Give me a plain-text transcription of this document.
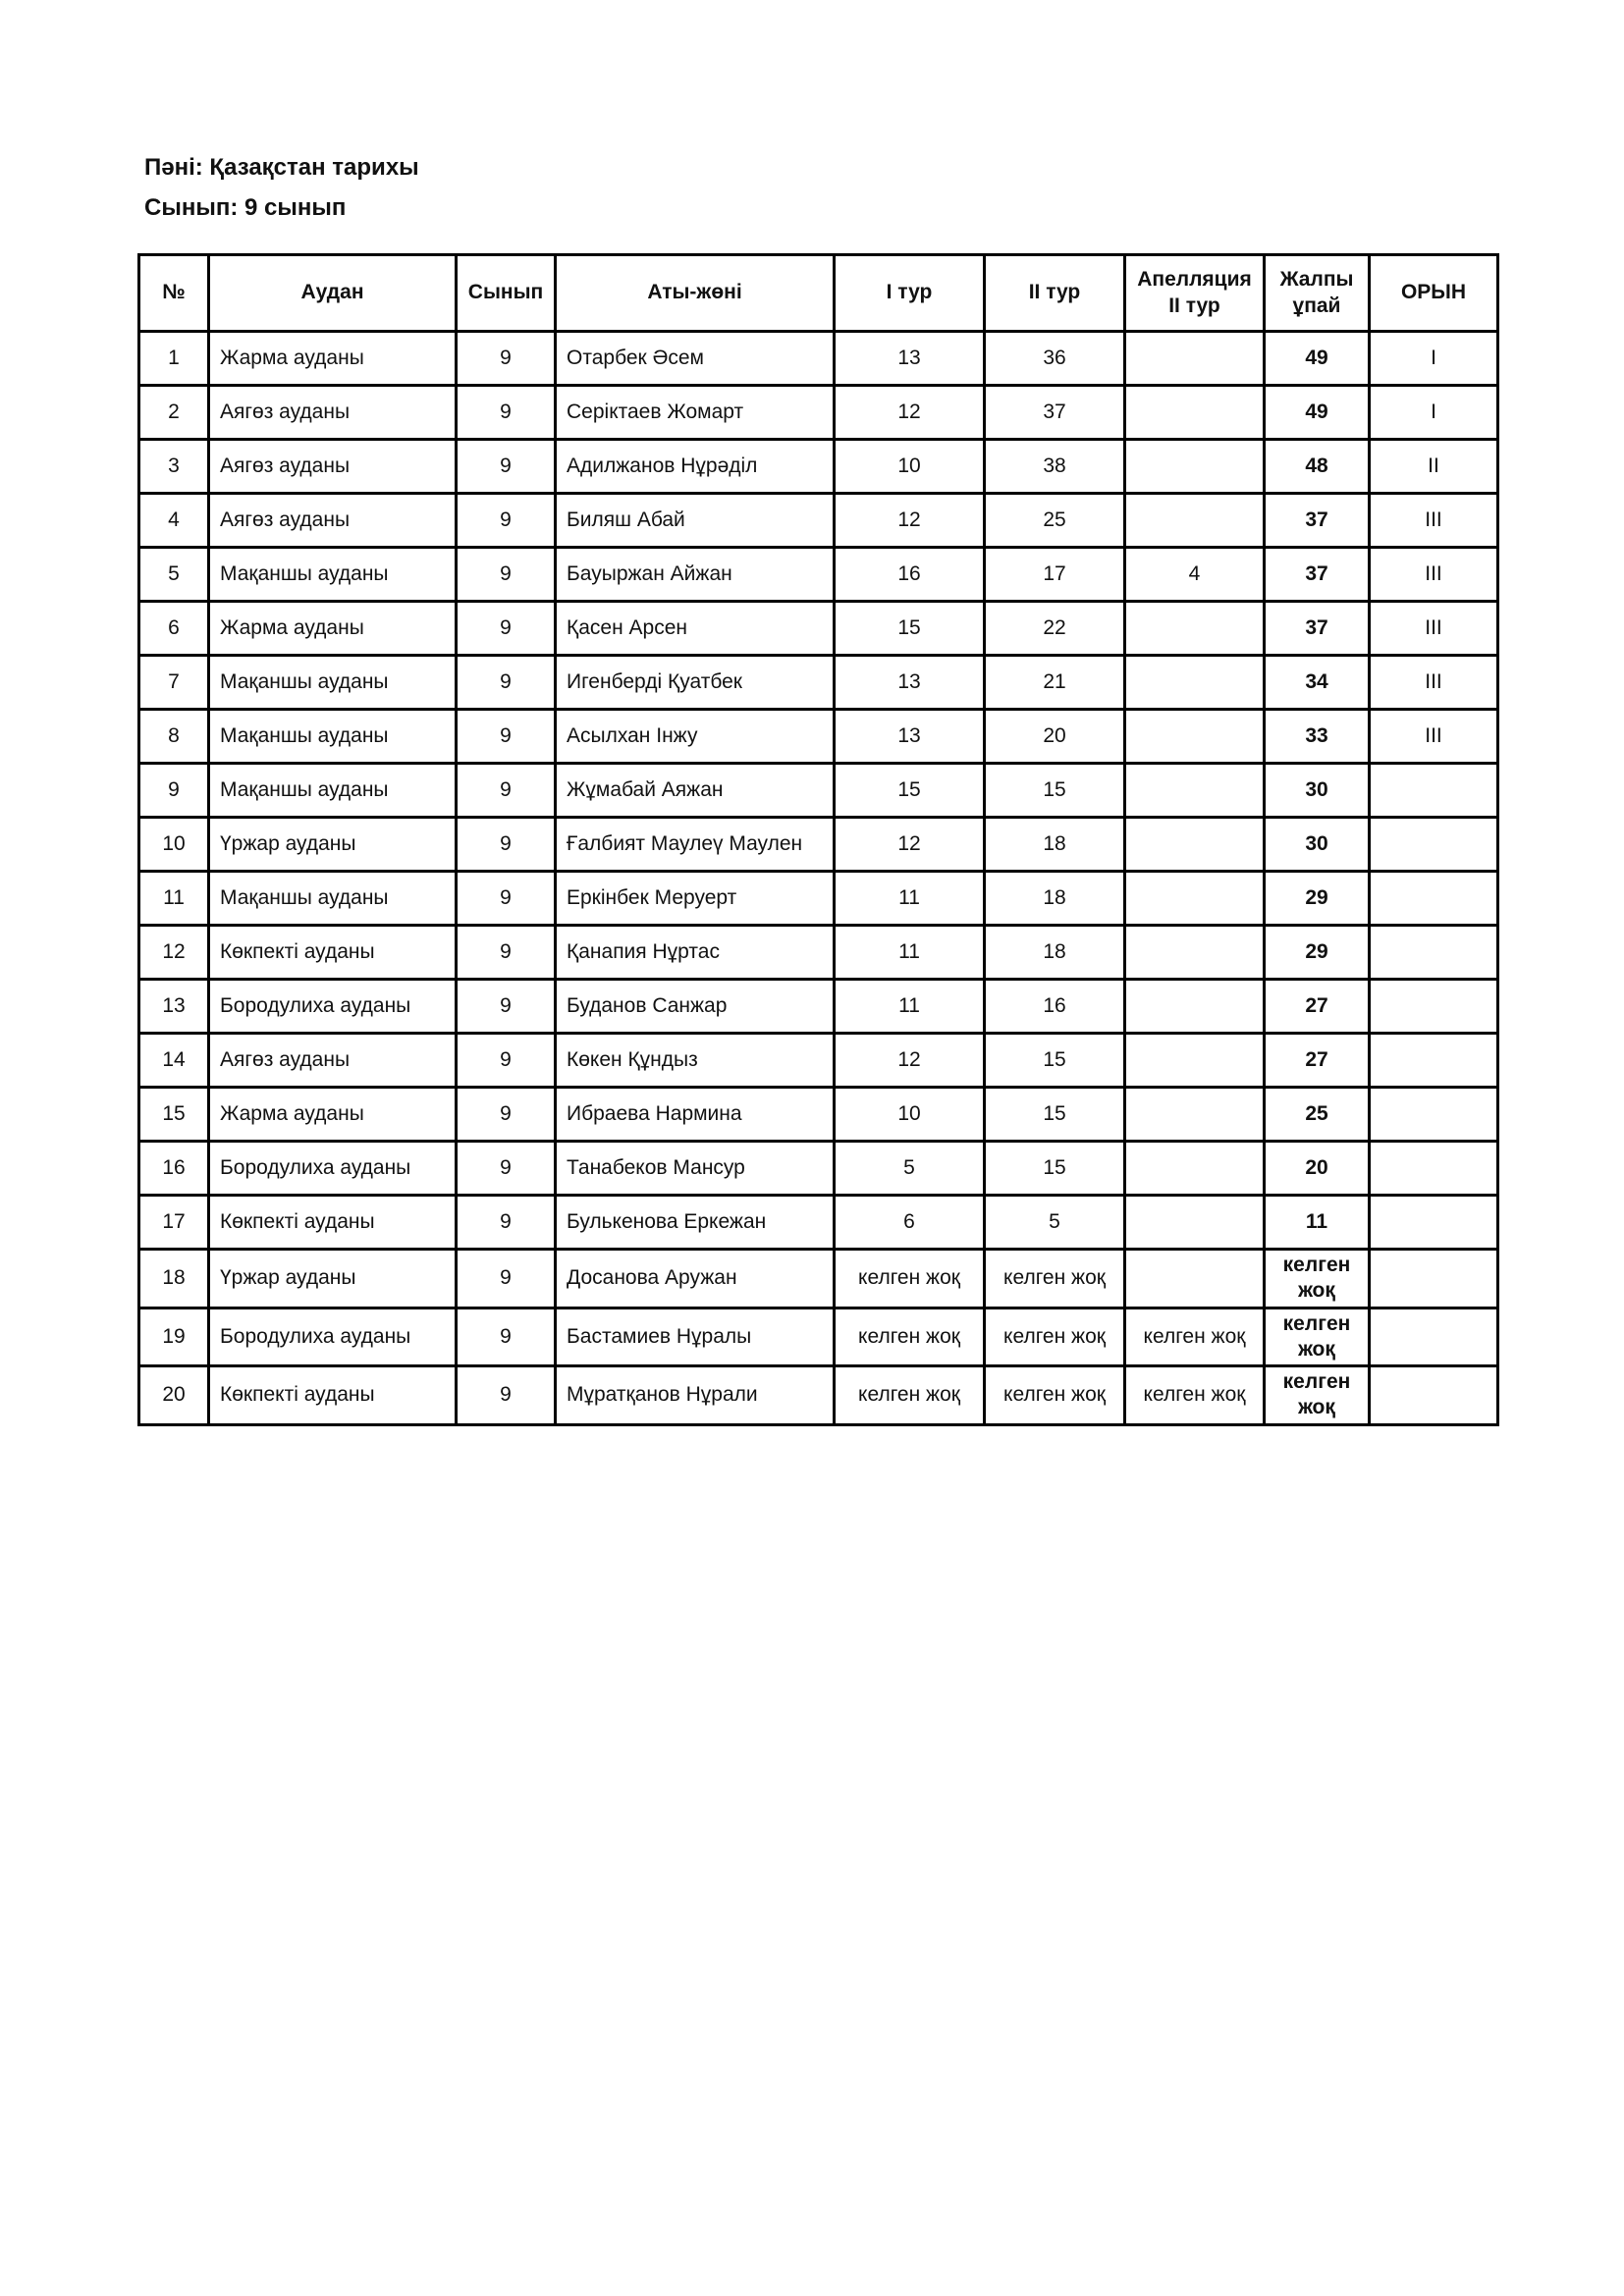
Пәні: Қазақстан тарихы
Сынып: 9 сынып
№	Аудан	Сынып	Аты-жөні	I тур	II тур	Апелляция II тур	Жалпы ұпай	ОРЫН
1	Жарма ауданы	9	Отарбек Әсем	13	36		49	I
2	Аягөз ауданы	9	Серіктаев Жомарт	12	37		49	I
3	Аягөз ауданы	9	Адилжанов Нұрәділ	10	38		48	II
4	Аягөз ауданы	9	Биляш Абай	12	25		37	III
5	Мақаншы ауданы	9	Бауыржан Айжан	16	17	4	37	III
6	Жарма ауданы	9	Қасен Арсен	15	22		37	III
7	Мақаншы ауданы	9	Игенберді Қуатбек	13	21		34	III
8	Мақаншы ауданы	9	Асылхан Інжу	13	20		33	III
9	Мақаншы ауданы	9	Жұмабай Аяжан	15	15		30	
10	Үржар ауданы	9	Ғалбият Маулеү Маулен	12	18		30	
11	Мақаншы ауданы	9	Еркінбек Меруерт	11	18		29	
12	Көкпекті ауданы	9	Қанапия Нұртас	11	18		29	
13	Бородулиха ауданы	9	Буданов Санжар	11	16		27	
14	Аягөз ауданы	9	Көкен Құндыз	12	15		27	
15	Жарма ауданы	9	Ибраева Нармина	10	15		25	
16	Бородулиха ауданы	9	Танабеков Мансур	5	15		20	
17	Көкпекті ауданы	9	Булькенова Еркежан	6	5		11	
18	Үржар ауданы	9	Досанова Аружан	келген жоқ	келген жоқ		келген жоқ	
19	Бородулиха ауданы	9	Бастамиев Нұралы	келген жоқ	келген жоқ	келген жоқ	келген жоқ	
20	Көкпекті ауданы	9	Мұратқанов Нұрали	келген жоқ	келген жоқ	келген жоқ	келген жоқ	
